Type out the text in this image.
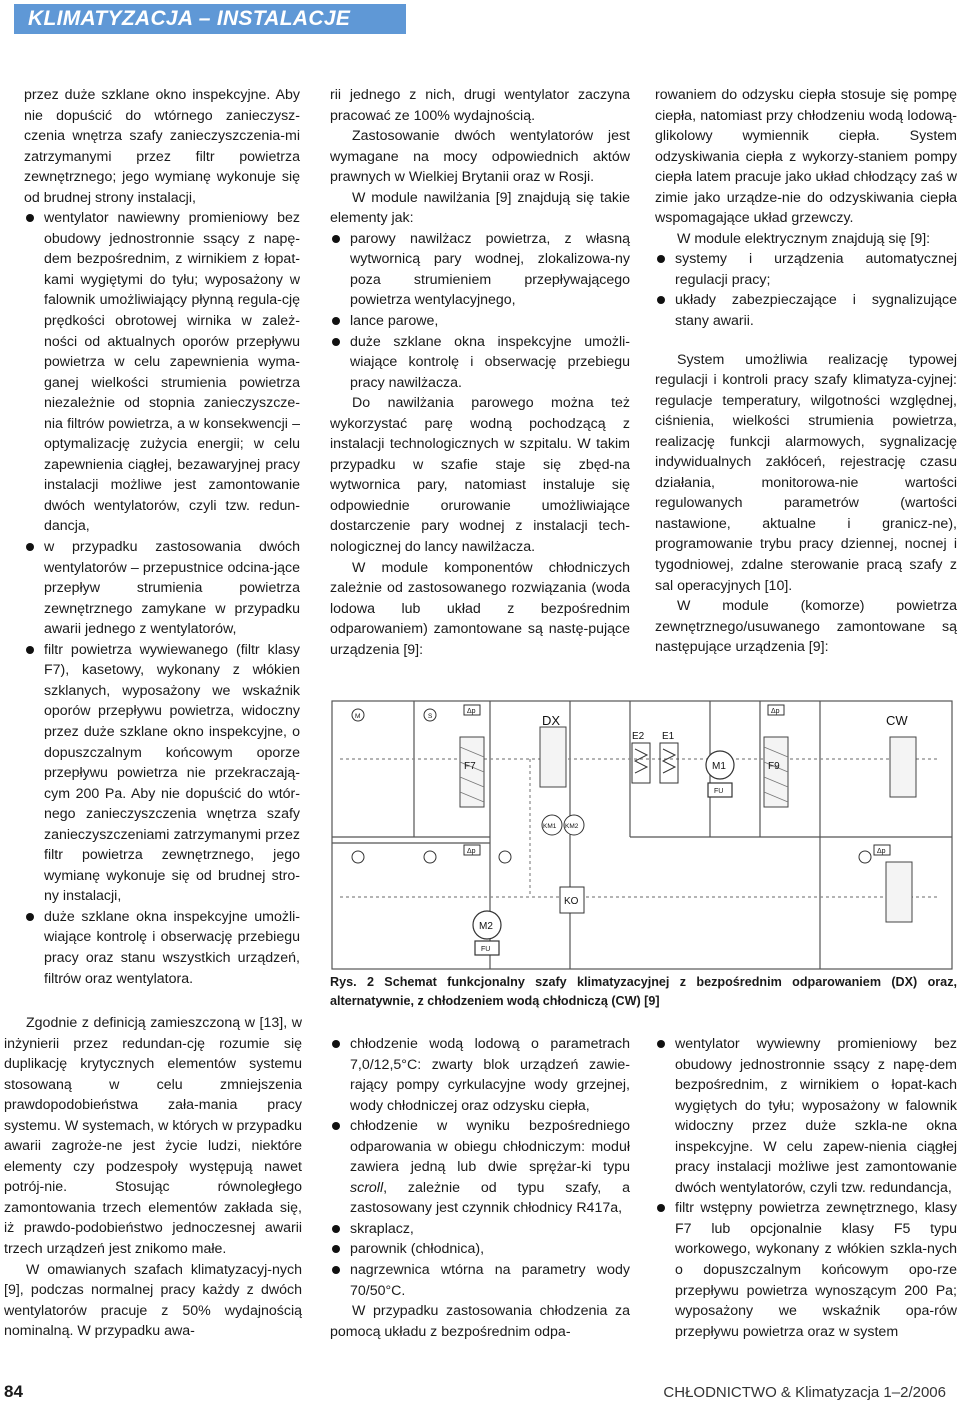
KLIMATYZACJA – INSTALACJE

przez duże szklane okno inspekcyjne. Aby nie dopuścić do wtórnego zanieczysz-czenia wnętrza szafy zanieczyszczenia-mi zatrzymanymi przez filtr powietrza zewnętrznego; jego wymianę wykonuje się od brudnej strony instalacji,

wentylator nawiewny promieniowy bez obudowy jednostronnie ssący z napę-dem bezpośrednim, z wirnikiem z łopat-kami wygiętymi do tyłu; wyposażony w falownik umożliwiający płynną regula-cję prędkości obrotowej wirnika w zależ-ności od aktualnych oporów przepływu powietrza w celu zapewnienia wyma-ganej wielkości strumienia powietrza niezależnie od stopnia zanieczyszcze-nia filtrów powietrza, a w konsekwencji – optymalizację zużycia energii; w celu zapewnienia ciągłej, bezawaryjnej pracy instalacji możliwe jest zamontowanie dwóch wentylatorów, czyli tzw. redun-dancja,
w przypadku zastosowania dwóch wentylatorów – przepustnice odcina-jące przepływ strumienia powietrza zewnętrznego zamykane w przypadku awarii jednego z wentylatorów,
filtr powietrza wywiewanego (filtr klasy F7), kasetowy, wykonany z włókien szklanych, wyposażony we wskaźnik oporów przepływu powietrza, widoczny przez duże szklane okno inspekcyjne, o dopuszczalnym końcowym oporze przepływu powietrza nie przekraczają-cym 200 Pa. Aby nie dopuścić do wtór-nego zanieczyszczenia wnętrza szafy zanieczyszczeniami zatrzymanymi przez filtr powietrza zewnętrznego, jego wymianę wykonuje się od brudnej stro-ny instalacji,
duże szklane okna inspekcyjne umożli-wiające kontrolę i obserwację przebiegu pracy oraz stanu wszystkich urządzeń, filtrów oraz wentylatora.

Zgodnie z definicją zamieszczoną w [13], w inżynierii przez redundan-cję rozumie się duplikację krytycznych elementów systemu stosowaną w celu zmniejszenia prawdopodobieństwa zała-mania pracy systemu. W systemach, w których w przypadku awarii zagroże-ne jest życie ludzi, niektóre elementy czy podzespoły występują nawet potrój-nie. Stosując równoległego zamontowania trzech elementów zakłada się, iż prawdo-podobieństwo jednoczesnej awarii trzech urządzeń jest znikomo małe.

W omawianych szafach klimatyzacyj-nych [9], podczas normalnej pracy każdy z dwóch wentylatorów pracuje z 50% wydajnością nominalną. W przypadku awa-

rii jednego z nich, drugi wentylator zaczyna pracować ze 100% wydajnością.

Zastosowanie dwóch wentylatorów jest wymagane na mocy odpowiednich aktów prawnych w Wielkiej Brytanii oraz w Rosji.

W module nawilżania [9] znajdują się takie elementy jak:

parowy nawilżacz powietrza, z własną wytwornicą pary wodnej, zlokalizowa-ny poza strumieniem przepływającego powietrza wentylacyjnego,
lance parowe,
duże szklane okna inspekcyjne umożli-wiające kontrolę i obserwację przebiegu pracy nawilżacza.

Do nawilżania parowego można też wykorzystać parę wodną pochodzącą z instalacji technologicznych w szpitalu. W takim przypadku w szafie staje się zbęd-na wytwornica pary, natomiast instaluje się odpowiednie orurowanie umożliwiające dostarczenie pary wodnej z instalacji tech-nologicznej do lancy nawilżacza.

W module komponentów chłodniczych zależnie od zastosowanego rozwiązania (woda lodowa lub układ z bezpośrednim odparowaniem) zamontowane są nastę-pujące urządzenia [9]:

rowaniem do odzysku ciepła stosuje się pompę ciepła, natomiast przy chłodzeniu wodą lodową- glikolowy wymiennik ciepła. System odzyskiwania ciepła z wykorzy-staniem pompy ciepła latem pracuje jako układ chłodzący zaś w zimie jako urządze-nie do odzyskiwania ciepła wspomagające układ grzewczy.

W module elektrycznym znajdują się [9]:

systemy i urządzenia automatycznej regulacji pracy;
układy zabezpieczające i sygnalizujące stany awarii.

System umożliwia realizację typowej regulacji i kontroli pracy szafy klimatyza-cyjnej: regulacje temperatury, wilgotności względnej, ciśnienia, wielkości strumienia powietrza, realizację funkcji alarmowych, sygnalizację indywidualnych zakłóceń, rejestrację czasu działania, monitorowa-nie wartości regulowanych parametrów (wartości nastawione, aktualne i granicz-ne), programowanie trybu pracy dziennej, nocnej i tygodniowej, zdalne sterowanie pracą szafy z sal operacyjnych [10].

W module (komorze) powietrza zewnętrznego/usuwanego zamontowane są następujące urządzenia [9]:

DX	CW
E2 E1
F7	F9
M1
M2
KM1 KM2
KO
Δp	Δp
Δp	Δp
FU
FU
M	S
Rys. 2 Schemat funkcjonalny szafy klimatyzacyjnej z bezpośrednim odparowaniem (DX) oraz, alternatywnie, z chłodzeniem wodą chłodniczą (CW) [9]
chłodzenie wodą lodową o parametrach 7,0/12,5°C: zwarty blok urządzeń zawie-rający pompy cyrkulacyjne wody grzejnej, wody chłodniczej oraz odzysku ciepła,
chłodzenie w wyniku bezpośredniego odparowania w obiegu chłodniczym: moduł zawiera jedną lub dwie sprężar-ki typu scroll, zależnie od typu szafy, a zastosowany jest czynnik chłodnicy R417a,
skraplacz,
parownik (chłodnica),
nagrzewnica wtórna na parametry wody 70/50°C.

W przypadku zastosowania chłodzenia za pomocą układu z bezpośrednim odpa-

wentylator wywiewny promieniowy bez obudowy jednostronnie ssący z napę-dem bezpośrednim, z wirnikiem o łopat-kach wygiętych do tyłu; wyposażony w falownik widoczny przez duże szkla-ne okna inspekcyjne. W celu zapew-nienia ciągłej pracy instalacji możliwe jest zamontowanie dwóch wentylatorów, czyli tzw. redundancja,
filtr wstępny powietrza zewnętrznego, klasy F7 lub opcjonalnie klasy F5 typu workowego, wykonany z włókien szkla-nych o dopuszczalnym końcowym opo-rze przepływu powietrza wynoszącym 200 Pa; wyposażony we wskaźnik opa-rów przepływu powietrza oraz w system
84	CHŁODNICTWO & Klimatyzacja 1–2/2006
